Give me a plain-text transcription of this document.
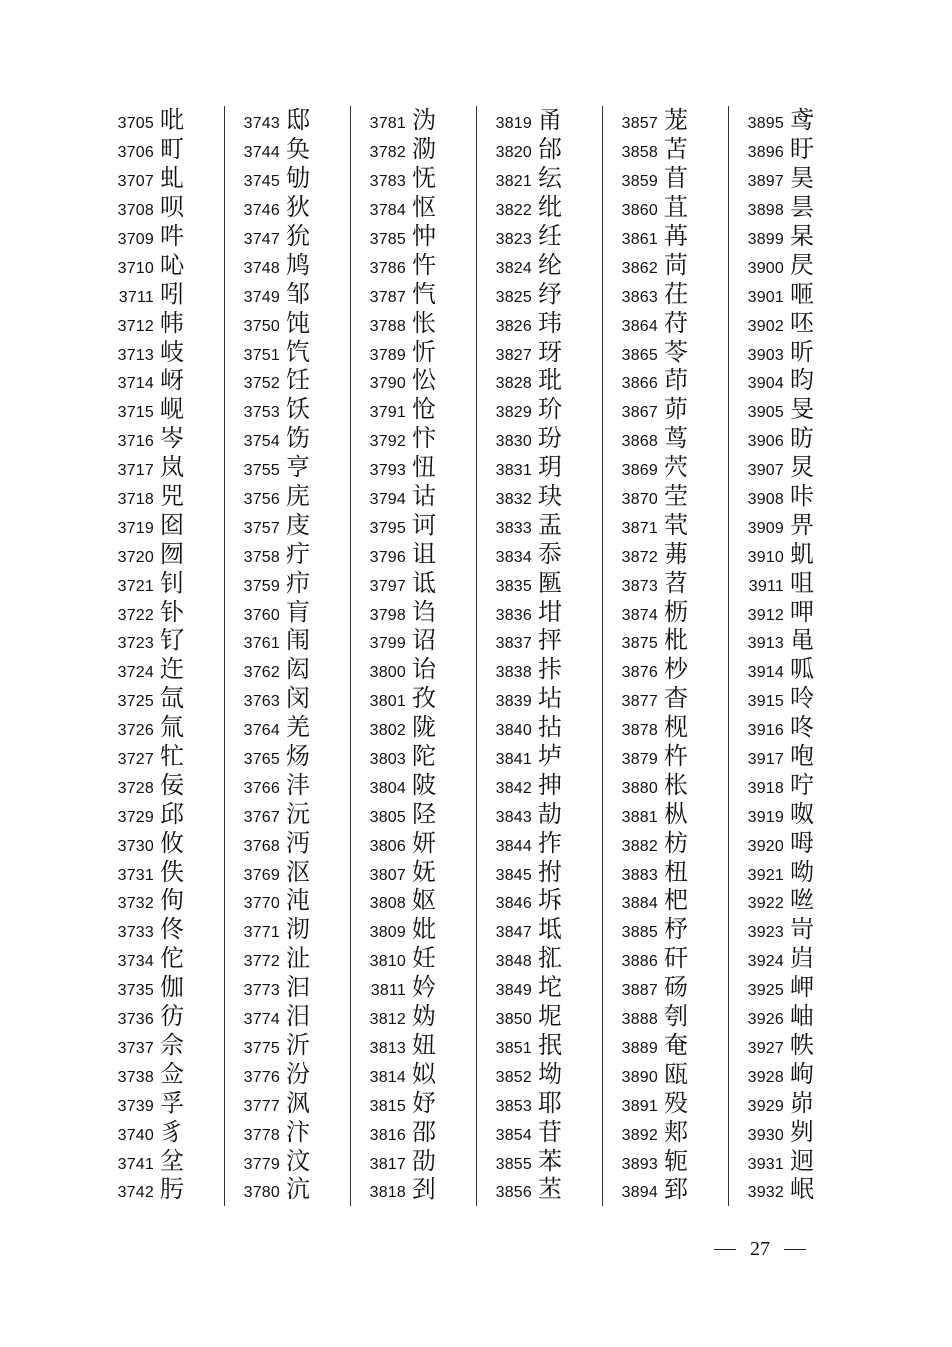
3705 吡
3706 町
3707 虬
3708 呗
3709 吽
3710 吣
3711 吲
3712 帏
3713 岐
3714 岈
3715 岘
3716 岑
3717 岚
3718 兕
3719 囵
3720 囫
3721 钊
3722 钋
3723 钌
3724 迕
3725 氙
3726 氚
3727 牤
3728 佞
3729 邱
3730 攸
3731 佚
3732 佝
3733 佟
3734 佗
3735 伽
3736 彷
3737 佘
3738 佥
3739 孚
3740 豸
3741 坌
3742 肟
3743 邸
3744 奂
3745 劬
3746 狄
3747 狁
3748 鸠
3749 邹
3750 饨
3751 饩
3752 饪
3753 饫
3754 饬
3755 亨
3756 庑
3757 庋
3758 疔
3759 疖
3760 肓
3761 闱
3762 闳
3763 闵
3764 羌
3765 炀
3766 沣
3767 沅
3768 沔
3769 沤
3770 沌
3771 沏
3772 沚
3773 汩
3774 汨
3775 沂
3776 汾
3777 沨
3778 汴
3779 汶
3780 沆
3781 沩
3782 泐
3783 怃
3784 怄
3785 忡
3786 忤
3787 忾
3788 怅
3789 忻
3790 忪
3791 怆
3792 忭
3793 忸
3794 诂
3795 诃
3796 诅
3797 诋
3798 诌
3799 诏
3800 诒
3801 孜
3802 陇
3803 陀
3804 陂
3805 陉
3806 妍
3807 妩
3808 妪
3809 妣
3810 妊
3811 妗
3812 妫
3813 妞
3814 姒
3815 妤
3816 邵
3817 劭
3818 刭
3819 甬
3820 邰
3821 纭
3822 纰
3823 纴
3824 纶
3825 纾
3826 玮
3827 玡
3828 玭
3829 玠
3830 玢
3831 玥
3832 玦
3833 盂
3834 忝
3835 匦
3836 坩
3837 抨
3838 拤
3839 坫
3840 拈
3841 垆
3842 抻
3843 劼
3844 拃
3845 拊
3846 坼
3847 坻
3848 㧟
3849 坨
3850 坭
3851 抿
3852 坳
3853 耶
3854 苷
3855 苯
3856 苤
3857 茏
3858 苫
3859 苜
3860 苴
3861 苒
3862 苘
3863 茌
3864 苻
3865 苓
3866 茚
3867 茆
3868 茑
3869 茓
3870 茔
3871 茕
3872 茀
3873 苕
3874 枥
3875 枇
3876 杪
3877 杳
3878 枧
3879 杵
3880 枨
3881 枞
3882 枋
3883 杻
3884 杷
3885 杼
3886 矸
3887 砀
3888 刳
3889 奄
3890 瓯
3891 殁
3892 郏
3893 轭
3894 郅
3895 鸢
3896 盱
3897 昊
3898 昙
3899 杲
3900 昃
3901 咂
3902 呸
3903 昕
3904 昀
3905 旻
3906 昉
3907 炅
3908 咔
3909 畀
3910 虮
3911 咀
3912 呷
3913 黾
3914 呱
3915 呤
3916 咚
3917 咆
3918 咛
3919 呶
3920 呣
3921 呦
3922 咝
3923 岢
3924 岿
3925 岬
3926 岫
3927 帙
3928 岣
3929 峁
3930 刿
3931 迥
3932 岷
27
